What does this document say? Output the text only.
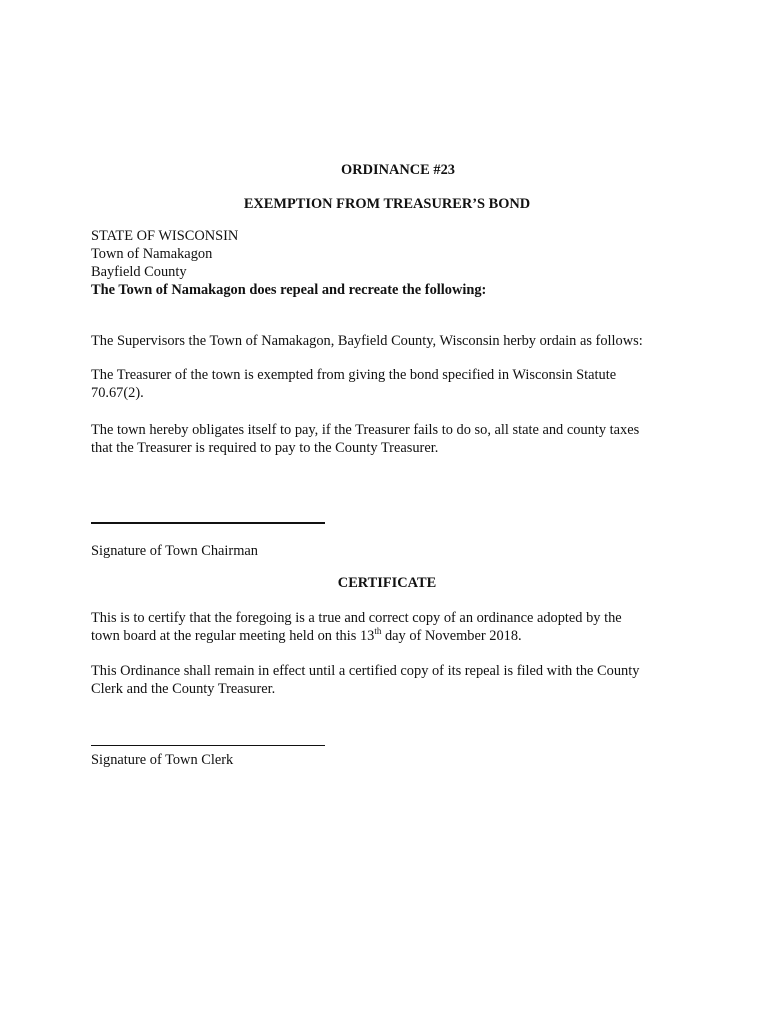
ORDINANCE #23
EXEMPTION FROM TREASURER’S BOND
STATE OF WISCONSIN
Town of Namakagon
Bayfield County
The Town of Namakagon does repeal and recreate the following:
The Supervisors the Town of Namakagon, Bayfield County, Wisconsin herby ordain as follows:
The Treasurer of the town is exempted from giving the bond specified in Wisconsin Statute
70.67(2).
The town hereby obligates itself to pay, if the Treasurer fails to do so, all state and county taxes
that the Treasurer is required to pay to the County Treasurer.
Signature of Town Chairman
CERTIFICATE
This is to certify that the foregoing is a true and correct copy of an ordinance adopted by the
town board at the regular meeting held on this 13th day of November 2018.
This Ordinance shall remain in effect until a certified copy of its repeal is filed with the County
Clerk and the County Treasurer.
Signature of Town Clerk
